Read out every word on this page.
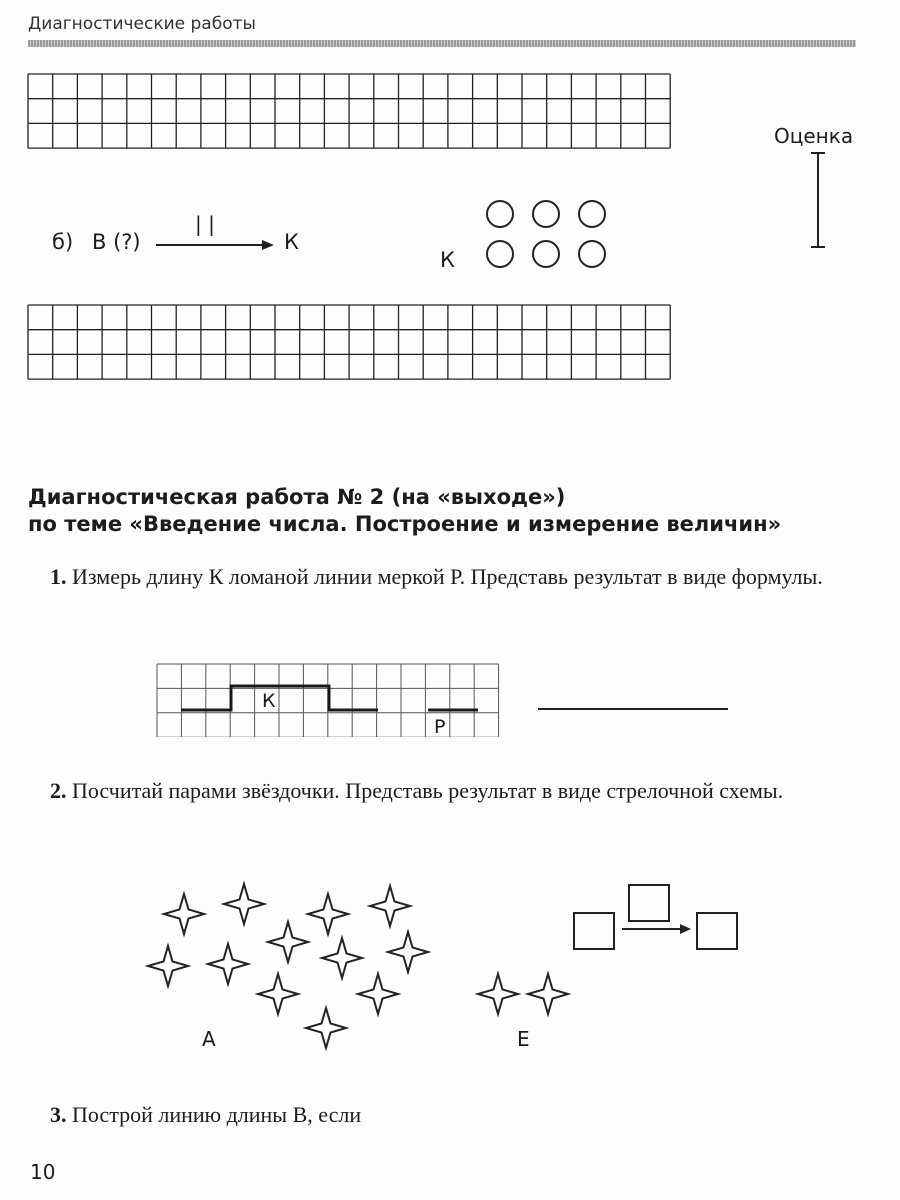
Диагностические работы
Оценка
б) В (?)
| |
К
К
Диагностическая работа № 2 (на «выходе»)
по теме «Введение числа. Построение и измерение величин»
1. Измерь длину К ломаной линии меркой Р. Представь результат в виде формулы.
К
Р
2. Посчитай парами звёздочки. Представь результат в виде стрелочной схемы.
А	Е
3. Построй линию длины В, если
10
